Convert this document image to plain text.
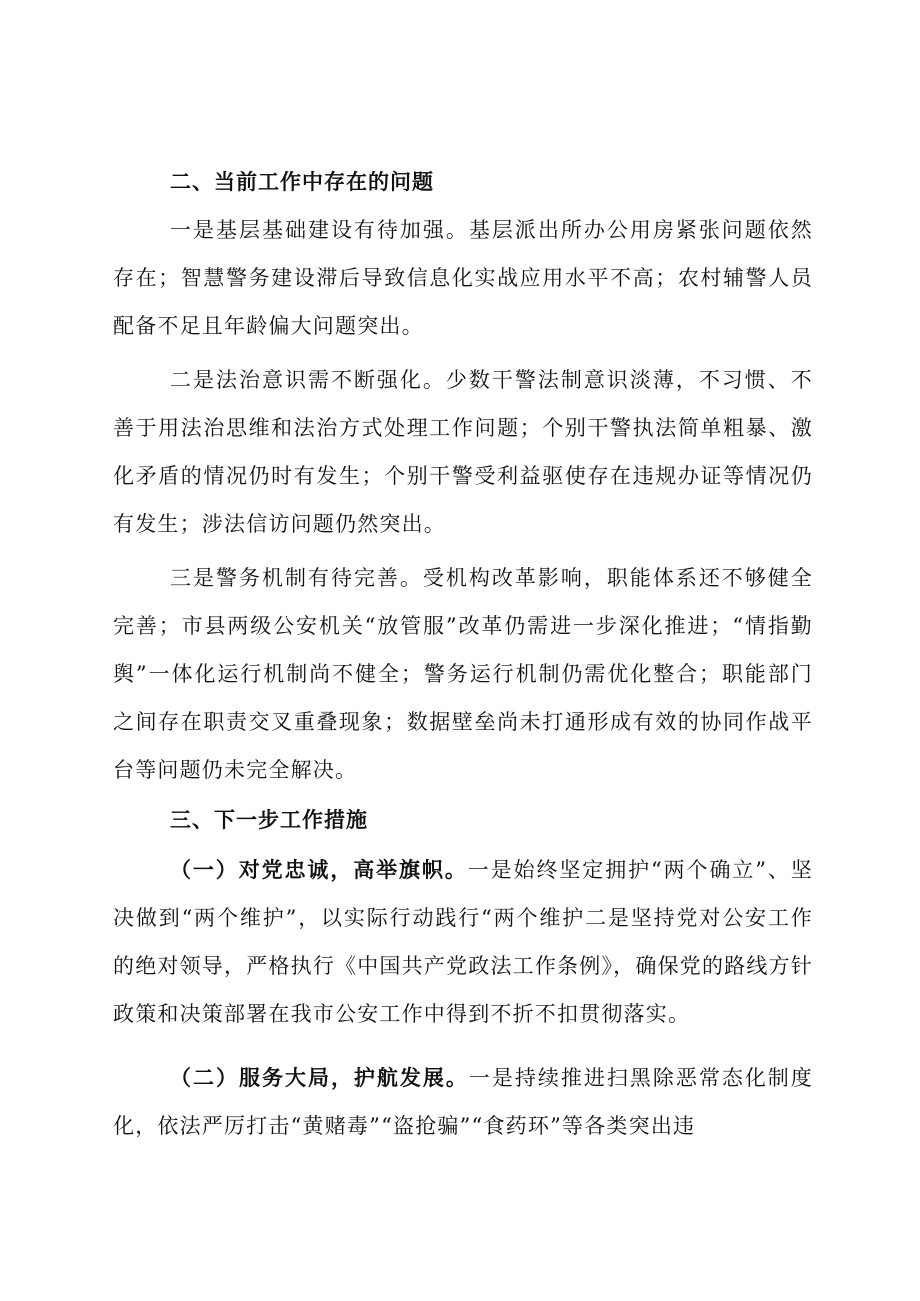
二、当前工作中存在的问题

一是基层基础建设有待加强。基层派出所办公用房紧张问题依然存在；智慧警务建设滞后导致信息化实战应用水平不高；农村辅警人员配备不足且年龄偏大问题突出。

二是法治意识需不断强化。少数干警法制意识淡薄，不习惯、不善于用法治思维和法治方式处理工作问题；个别干警执法简单粗暴、激化矛盾的情况仍时有发生；个别干警受利益驱使存在违规办证等情况仍有发生；涉法信访问题仍然突出。

三是警务机制有待完善。受机构改革影响，职能体系还不够健全完善；市县两级公安机关“放管服”改革仍需进一步深化推进；“情指勤舆”一体化运行机制尚不健全；警务运行机制仍需优化整合；职能部门之间存在职责交叉重叠现象；数据壁垒尚未打通形成有效的协同作战平台等问题仍未完全解决。

三、下一步工作措施

（一）对党忠诚，高举旗帜。一是始终坚定拥护“两个确立”、坚决做到“两个维护”，以实际行动践行“两个维护二是坚持党对公安工作的绝对领导，严格执行《中国共产党政法工作条例》，确保党的路线方针政策和决策部署在我市公安工作中得到不折不扣贯彻落实。

（二）服务大局，护航发展。一是持续推进扫黑除恶常态化制度化，依法严厉打击“黄赌毒”“盗抢骗”“食药环”等各类突出违
